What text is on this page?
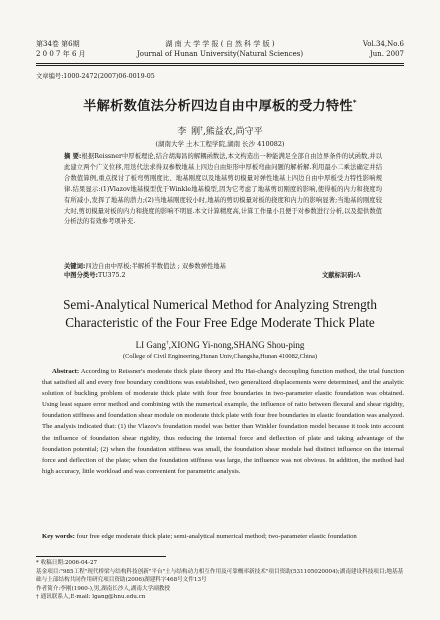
第34卷 第6期
2 0 0 7 年 6 月
湖 南 大 学 学 报 ( 自 然 科 学 版 )
Journal of Hunan University(Natural Sciences)
Vol.34,No.6
Jun. 2007
文章编号:1000-2472(2007)06-0019-05
半解析数值法分析四边自由中厚板的受力特性*
李 刚†,熊益农,尚守平
(湖南大学 土木工程学院,湖南 长沙 410082)
摘 要:根据Reissner中厚板理论,结合胡海昌的解耦函数法,本文构造出一种能满足全部自由边界条件的试函数,并以此建立两个广义位移,用迭代法求得双参数地基上四边自由矩形中厚板弯曲问题的解析解.利用最小二乘法确定并结合数值算例,重点探讨了板弯剪刚度比、地基刚度以及地基剪切模量对弹性地基上四边自由中厚板受力特性影响规律.结果显示:(1)Vlazov地基模型优于Winkle地基模型,因为它考虑了地基剪切刚度的影响,使得板的内力和挠度均有所减小,发挥了地基的潜力;(2)当地基刚度较小时,地基的剪切模量对板的挠度和内力的影响显著;当地基的刚度较大时,剪切模量对板的内力和挠度的影响不明显.本文计算精度高,计算工作量小且便于对参数进行分析,以及提供数值分析法的有效参考项补充.
关键词:四边自由中厚板;半解析半数值法 ; 双参数弹性地基
中图分类号:TU375.2	文献标识码:A
Semi-Analytical Numerical Method for Analyzing Strength
Characteristic of the Four Free Edge Moderate Thick Plate
LI Gang†,XIONG Yi-nong,SHANG Shou-ping
(College of Civil Engineering,Hunan Univ,Changsha,Hunan 410082,China)
Abstract: According to Reissner's moderate thick plate theory and Hu Hai-chang's decoupling function method, the trial function that satisfied all and every free boundary conditions was established, two generalized displacements were determined, and the analytic solution of buckling problem of moderate thick plate with four free boundaries in two-parameter elastic foundation was obtained. Using least square error method and combining with the numerical example, the influence of ratio between flexural and shear rigidity, foundation stiffness and foundation shear module on moderate thick plate with four free boundaries in elastic foundation was analyzed. The analysis indicated that: (1) the Vlazov's foundation model was better than Winkler foundation model because it took into account the influence of foundation shear rigidity, thus reducing the internal force and deflection of plate and taking advantage of the foundation potential; (2) when the foundation stiffness was small, the foundation shear module had distinct influence on the internal force and deflection of the plate; when the foundation stiffness was large, the influence was not obvious. In addition, the method had high accuracy, little workload and was convenient for parametric analysis.
Key words: four free edge moderate thick plate; semi-analytical numerical method; two-parameter elastic foundation
* 收稿日期:2006-04-27
基金项目:"985工程"现代桥梁与结构科技创新"平台"土与结构动力相互作用及可靠概率新技术"项目资助(531105020004);湖南建设科技项目;地基基础与上部结构共同作用研究项目资助(2006)湖建科字468号文件13号
作者简介:李刚(1960-),男,湖南长沙人,湖南大学副教授
† 通讯联系人,E-mail: lgang@hnu.edu.cn
